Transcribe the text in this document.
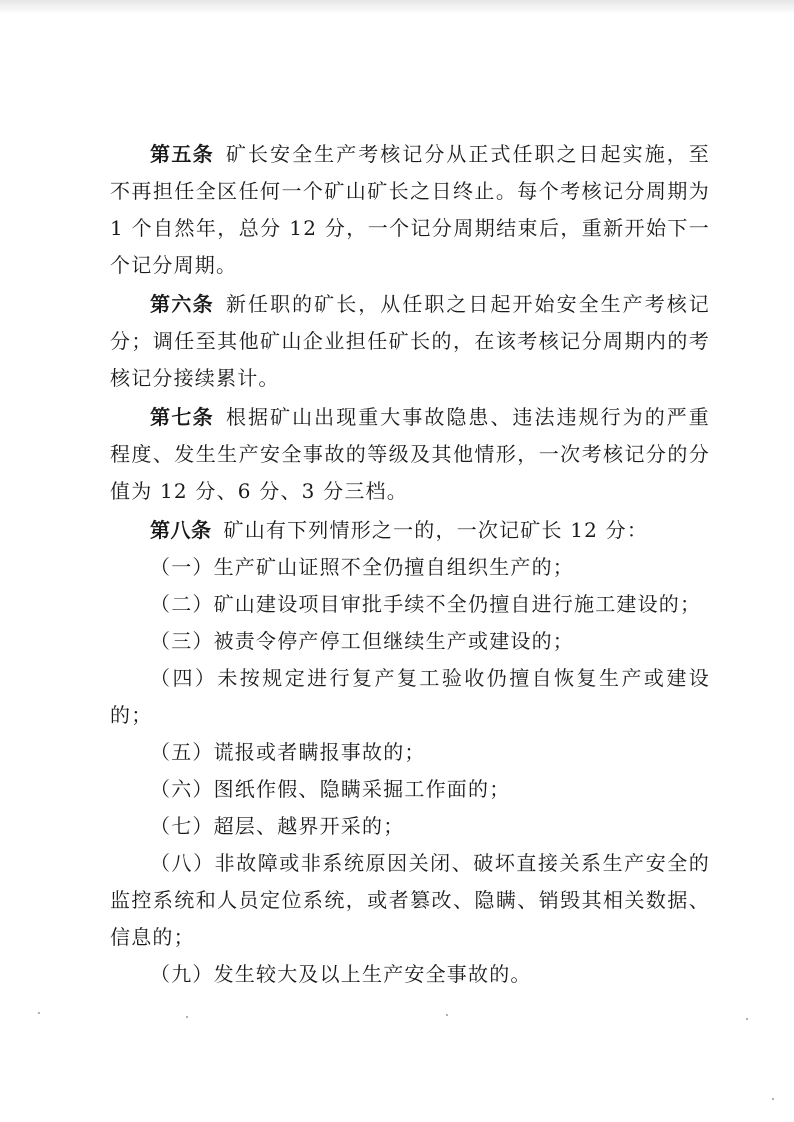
第五条 矿长安全生产考核记分从正式任职之日起实施，至不再担任全区任何一个矿山矿长之日终止。每个考核记分周期为 1 个自然年，总分 12 分，一个记分周期结束后，重新开始下一个记分周期。

第六条 新任职的矿长，从任职之日起开始安全生产考核记分；调任至其他矿山企业担任矿长的，在该考核记分周期内的考核记分接续累计。

第七条 根据矿山出现重大事故隐患、违法违规行为的严重程度、发生生产安全事故的等级及其他情形，一次考核记分的分值为 12 分、6 分、3 分三档。

第八条 矿山有下列情形之一的，一次记矿长 12 分：

（一）生产矿山证照不全仍擅自组织生产的；

（二）矿山建设项目审批手续不全仍擅自进行施工建设的；

（三）被责令停产停工但继续生产或建设的；

（四）未按规定进行复产复工验收仍擅自恢复生产或建设的；

（五）谎报或者瞒报事故的；

（六）图纸作假、隐瞒采掘工作面的；

（七）超层、越界开采的；

（八）非故障或非系统原因关闭、破坏直接关系生产安全的监控系统和人员定位系统，或者篡改、隐瞒、销毁其相关数据、信息的；

（九）发生较大及以上生产安全事故的。
